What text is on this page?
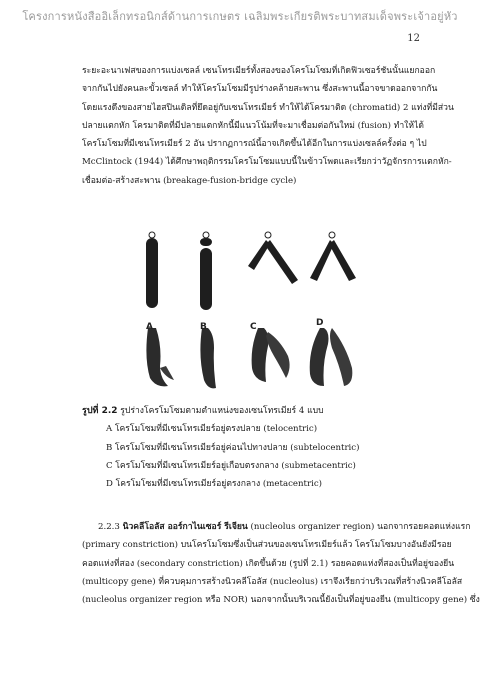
โครงการหนังสืออิเล็กทรอนิกส์ด้านการเกษตร เฉลิมพระเกียรติพระบาทสมเด็จพระเจ้าอยู่หัว
12

ระยะอะนาเฟสของการแบ่งเซลล์ เซนโทรเมียร์ทั้งสองของโครโมโซมที่เกิดฟิวเซอร์ชันนั้นแยกออก

จากกันไปยังคนละขั้วเซลล์ ทำให้โครโมโซมมีรูปร่างคล้ายสะพาน ซึ่งสะพานนี้อาจขาดออกจากกัน

โดยแรงดึงของสายไฮสปินเดิลที่ยึดอยู่กับเซนโทรเมียร์ ทำให้ได้โครมาติด (chromatid) 2 แท่งที่มีส่วน

ปลายแตกหัก โครมาติดที่มีปลายแตกหักนี้มีแนวโน้มที่จะมาเชื่อมต่อกันใหม่ (fusion) ทำให้ได้

โครโมโซมที่มีเซนโทรเมียร์ 2 อัน ปรากฏการณ์นี้อาจเกิดขึ้นได้อีกในการแบ่งเซลล์ครั้งต่อ ๆ ไป

McClintock (1944) ได้ศึกษาพฤติกรรมโครโมโซมแบบนี้ในข้าวโพดและเรียกว่าวัฏจักรการแตกหัก-

เชื่อมต่อ-สร้างสะพาน (breakage-fusion-bridge cycle)

A	B	C	D
รูปที่ 2.2 รูปร่างโครโมโซมตามตำแหน่งของเซนโทรเมียร์ 4 แบบ
A โครโมโซมที่มีเซนโทรเมียร์อยู่ตรงปลาย (telocentric)
B โครโมโซมที่มีเซนโทรเมียร์อยู่ค่อนไปทางปลาย (subtelocentric)
C โครโมโซมที่มีเซนโทรเมียร์อยู่เกือบตรงกลาง (submetacentric)
D โครโมโซมที่มีเซนโทรเมียร์อยู่ตรงกลาง (metacentric)

2.2.3 นิวคลีโอลัส ออร์กาไนเซอร์ รีเจียน (nucleolus organizer region) นอกจากรอยคอดแห่งแรก

(primary constriction) บนโครโมโซมซึ่งเป็นส่วนของเซนโทรเมียร์แล้ว โครโมโซมบางอันยังมีรอย

คอดแห่งที่สอง (secondary constriction) เกิดขึ้นด้วย (รูปที่ 2.1) รอยคอดแห่งที่สองเป็นที่อยู่ของยีน

(multicopy gene) ที่ควบคุมการสร้างนิวคลีโอลัส (nucleolus) เราจึงเรียกว่าบริเวณที่สร้างนิวคลีโอลัส

(nucleolus organizer region หรือ NOR) นอกจากนั้นบริเวณนี้ยังเป็นที่อยู่ของยีน (multicopy gene) ซึ่ง
